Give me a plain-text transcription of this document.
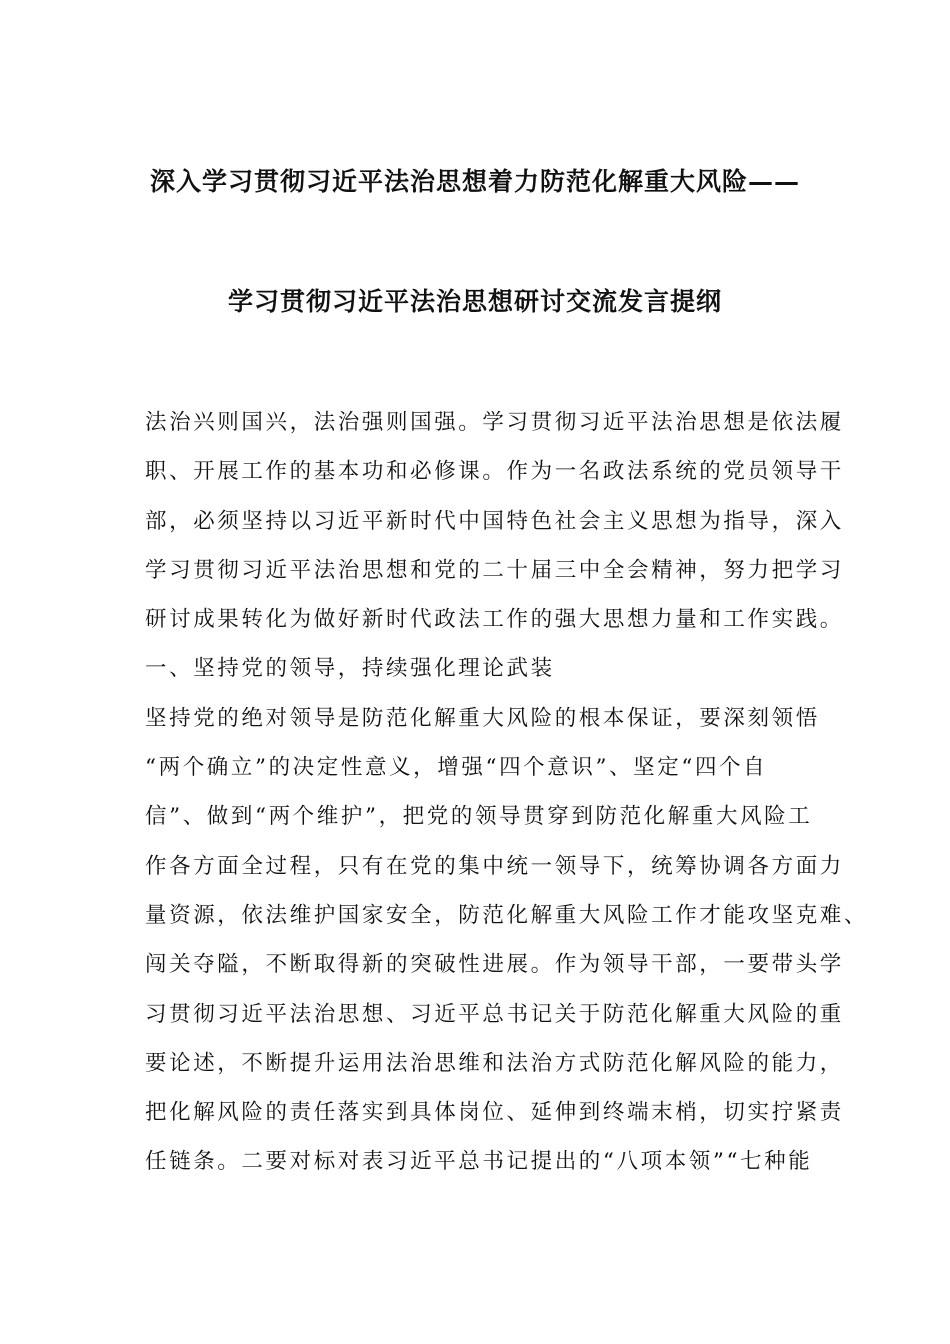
深入学习贯彻习近平法治思想着力防范化解重大风险——
学习贯彻习近平法治思想研讨交流发言提纲
法治兴则国兴，法治强则国强。学习贯彻习近平法治思想是依法履
职、开展工作的基本功和必修课。作为一名政法系统的党员领导干
部，必须坚持以习近平新时代中国特色社会主义思想为指导，深入
学习贯彻习近平法治思想和党的二十届三中全会精神，努力把学习
研讨成果转化为做好新时代政法工作的强大思想力量和工作实践。
一、坚持党的领导，持续强化理论武装
坚持党的绝对领导是防范化解重大风险的根本保证，要深刻领悟
“两个确立”的决定性意义，增强“四个意识”、坚定“四个自
信”、做到“两个维护”，把党的领导贯穿到防范化解重大风险工
作各方面全过程，只有在党的集中统一领导下，统筹协调各方面力
量资源，依法维护国家安全，防范化解重大风险工作才能攻坚克难、
闯关夺隘，不断取得新的突破性进展。作为领导干部，一要带头学
习贯彻习近平法治思想、习近平总书记关于防范化解重大风险的重
要论述，不断提升运用法治思维和法治方式防范化解风险的能力，
把化解风险的责任落实到具体岗位、延伸到终端末梢，切实拧紧责
任链条。二要对标对表习近平总书记提出的“八项本领”“七种能
